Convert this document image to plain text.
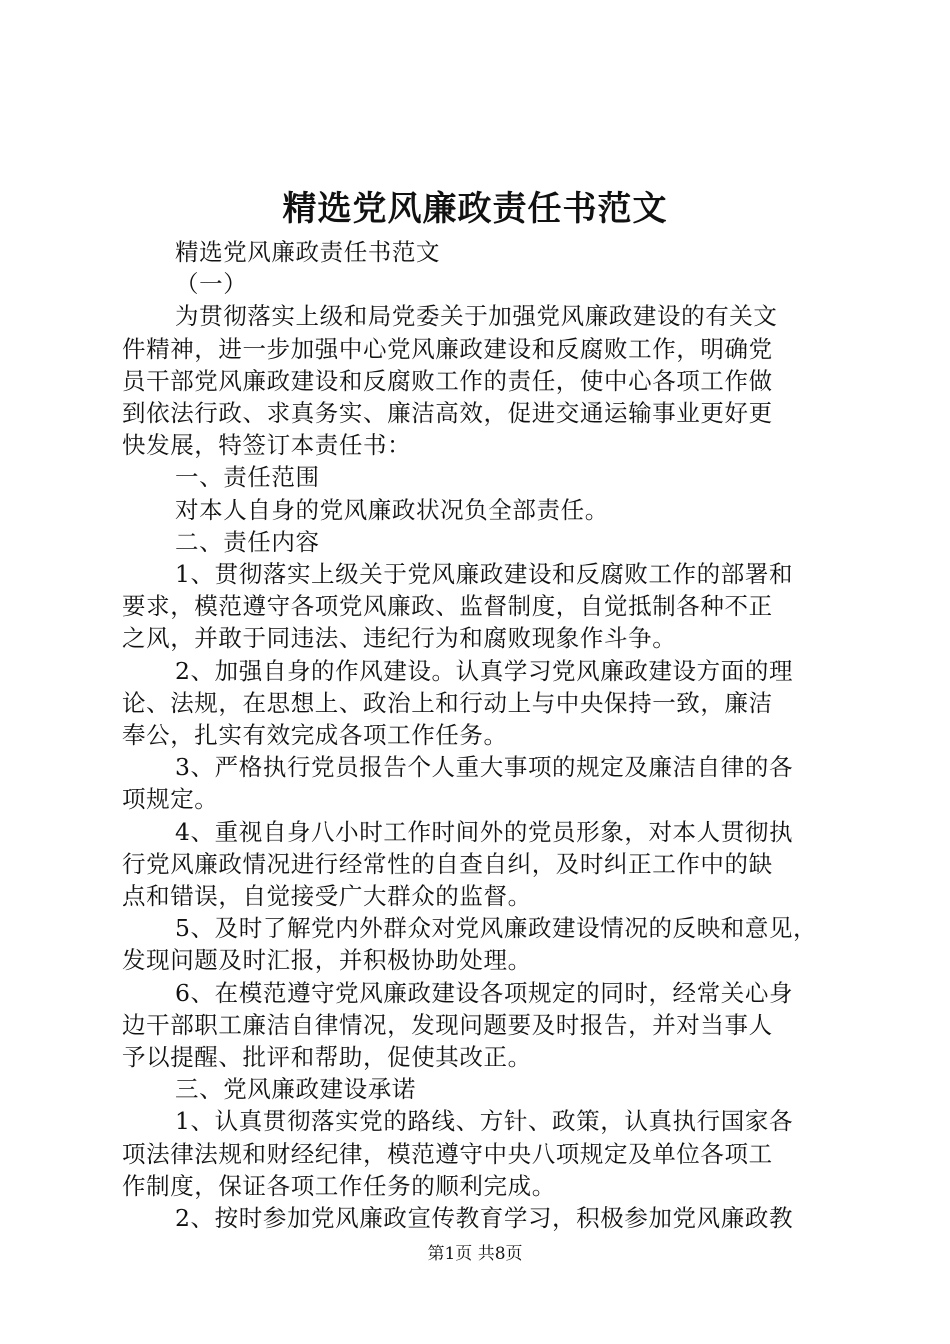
精选党风廉政责任书范文

精选党风廉政责任书范文

（一）

为贯彻落实上级和局党委关于加强党风廉政建设的有关文

件精神，进一步加强中心党风廉政建设和反腐败工作，明确党

员干部党风廉政建设和反腐败工作的责任，使中心各项工作做

到依法行政、求真务实、廉洁高效，促进交通运输事业更好更

快发展，特签订本责任书：

一、责任范围

对本人自身的党风廉政状况负全部责任。

二、责任内容

1、贯彻落实上级关于党风廉政建设和反腐败工作的部署和

要求，模范遵守各项党风廉政、监督制度，自觉抵制各种不正

之风，并敢于同违法、违纪行为和腐败现象作斗争。

2、加强自身的作风建设。认真学习党风廉政建设方面的理

论、法规，在思想上、政治上和行动上与中央保持一致，廉洁

奉公，扎实有效完成各项工作任务。

3、严格执行党员报告个人重大事项的规定及廉洁自律的各

项规定。

4、重视自身八小时工作时间外的党员形象，对本人贯彻执

行党风廉政情况进行经常性的自查自纠，及时纠正工作中的缺

点和错误，自觉接受广大群众的监督。

5、及时了解党内外群众对党风廉政建设情况的反映和意见，

发现问题及时汇报，并积极协助处理。

6、在模范遵守党风廉政建设各项规定的同时，经常关心身

边干部职工廉洁自律情况，发现问题要及时报告，并对当事人

予以提醒、批评和帮助，促使其改正。

三、党风廉政建设承诺

1、认真贯彻落实党的路线、方针、政策，认真执行国家各

项法律法规和财经纪律，模范遵守中央八项规定及单位各项工

作制度，保证各项工作任务的顺利完成。

2、按时参加党风廉政宣传教育学习，积极参加党风廉政教

第1页 共8页
